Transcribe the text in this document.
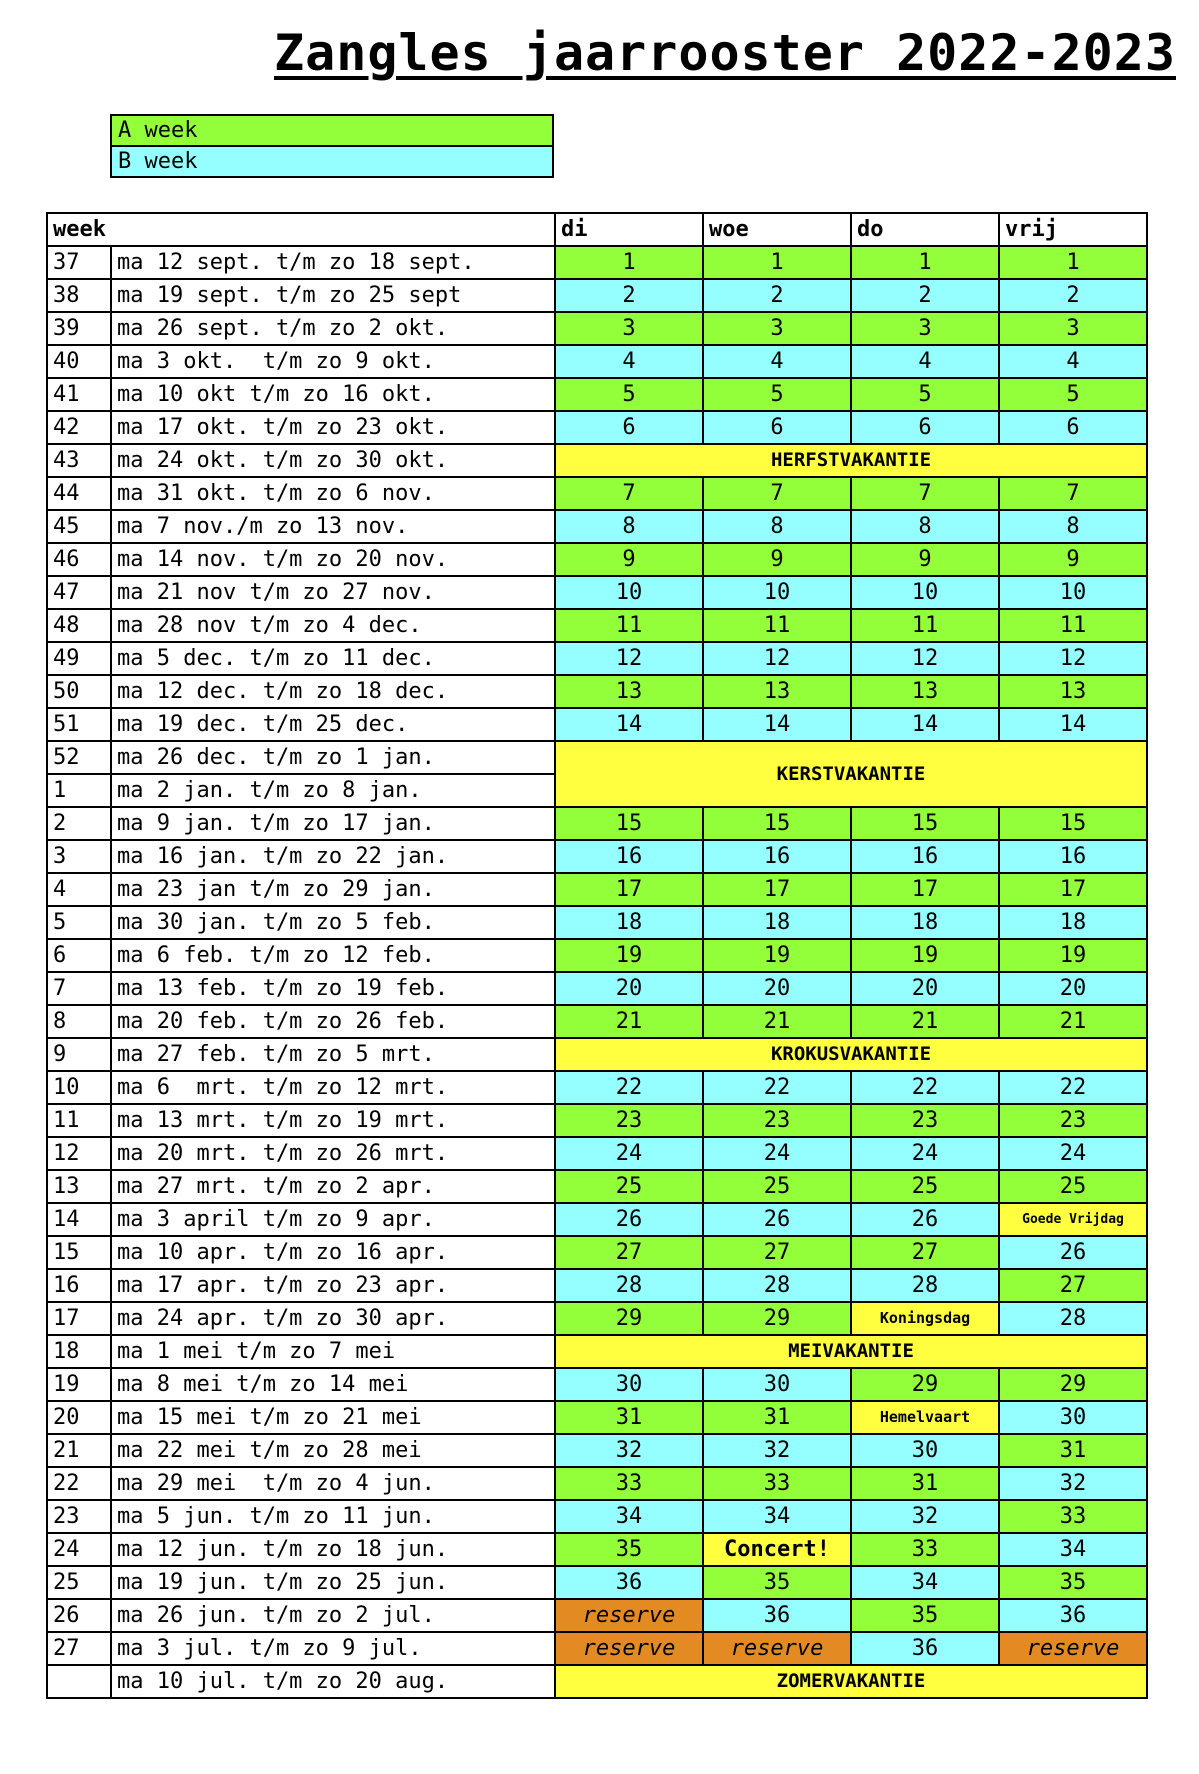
Zangles jaarrooster 2022-2023
A week
B week
week		di	woe	do	vrij
37	ma 12 sept. t/m zo 18 sept.	1	1	1	1
38	ma 19 sept. t/m zo 25 sept	2	2	2	2
39	ma 26 sept. t/m zo 2 okt.	3	3	3	3
40	ma 3 okt.  t/m zo 9 okt.	4	4	4	4
41	ma 10 okt t/m zo 16 okt.	5	5	5	5
42	ma 17 okt. t/m zo 23 okt.	6	6	6	6
43	ma 24 okt. t/m zo 30 okt.	HERFSTVAKANTIE			
44	ma 31 okt. t/m zo 6 nov.	7	7	7	7
45	ma 7 nov./m zo 13 nov.	8	8	8	8
46	ma 14 nov. t/m zo 20 nov.	9	9	9	9
47	ma 21 nov t/m zo 27 nov.	10	10	10	10
48	ma 28 nov t/m zo 4 dec.	11	11	11	11
49	ma 5 dec. t/m zo 11 dec.	12	12	12	12
50	ma 12 dec. t/m zo 18 dec.	13	13	13	13
51	ma 19 dec. t/m 25 dec.	14	14	14	14
52	ma 26 dec. t/m zo 1 jan.	KERSTVAKANTIE			
1	ma 2 jan. t/m zo 8 jan.				
2	ma 9 jan. t/m zo 17 jan.	15	15	15	15
3	ma 16 jan. t/m zo 22 jan.	16	16	16	16
4	ma 23 jan t/m zo 29 jan.	17	17	17	17
5	ma 30 jan. t/m zo 5 feb.	18	18	18	18
6	ma 6 feb. t/m zo 12 feb.	19	19	19	19
7	ma 13 feb. t/m zo 19 feb.	20	20	20	20
8	ma 20 feb. t/m zo 26 feb.	21	21	21	21
9	ma 27 feb. t/m zo 5 mrt.	KROKUSVAKANTIE			
10	ma 6  mrt. t/m zo 12 mrt.	22	22	22	22
11	ma 13 mrt. t/m zo 19 mrt.	23	23	23	23
12	ma 20 mrt. t/m zo 26 mrt.	24	24	24	24
13	ma 27 mrt. t/m zo 2 apr.	25	25	25	25
14	ma 3 april t/m zo 9 apr.	26	26	26	Goede Vrijdag
15	ma 10 apr. t/m zo 16 apr.	27	27	27	26
16	ma 17 apr. t/m zo 23 apr.	28	28	28	27
17	ma 24 apr. t/m zo 30 apr.	29	29	Koningsdag	28
18	ma 1 mei t/m zo 7 mei	MEIVAKANTIE			
19	ma 8 mei t/m zo 14 mei	30	30	29	29
20	ma 15 mei t/m zo 21 mei	31	31	Hemelvaart	30
21	ma 22 mei t/m zo 28 mei	32	32	30	31
22	ma 29 mei  t/m zo 4 jun.	33	33	31	32
23	ma 5 jun. t/m zo 11 jun.	34	34	32	33
24	ma 12 jun. t/m zo 18 jun.	35	Concert!	33	34
25	ma 19 jun. t/m zo 25 jun.	36	35	34	35
26	ma 26 jun. t/m zo 2 jul.	reserve	36	35	36
27	ma 3 jul. t/m zo 9 jul.	reserve	reserve	36	reserve
	ma 10 jul. t/m zo 20 aug.	ZOMERVAKANTIE			
